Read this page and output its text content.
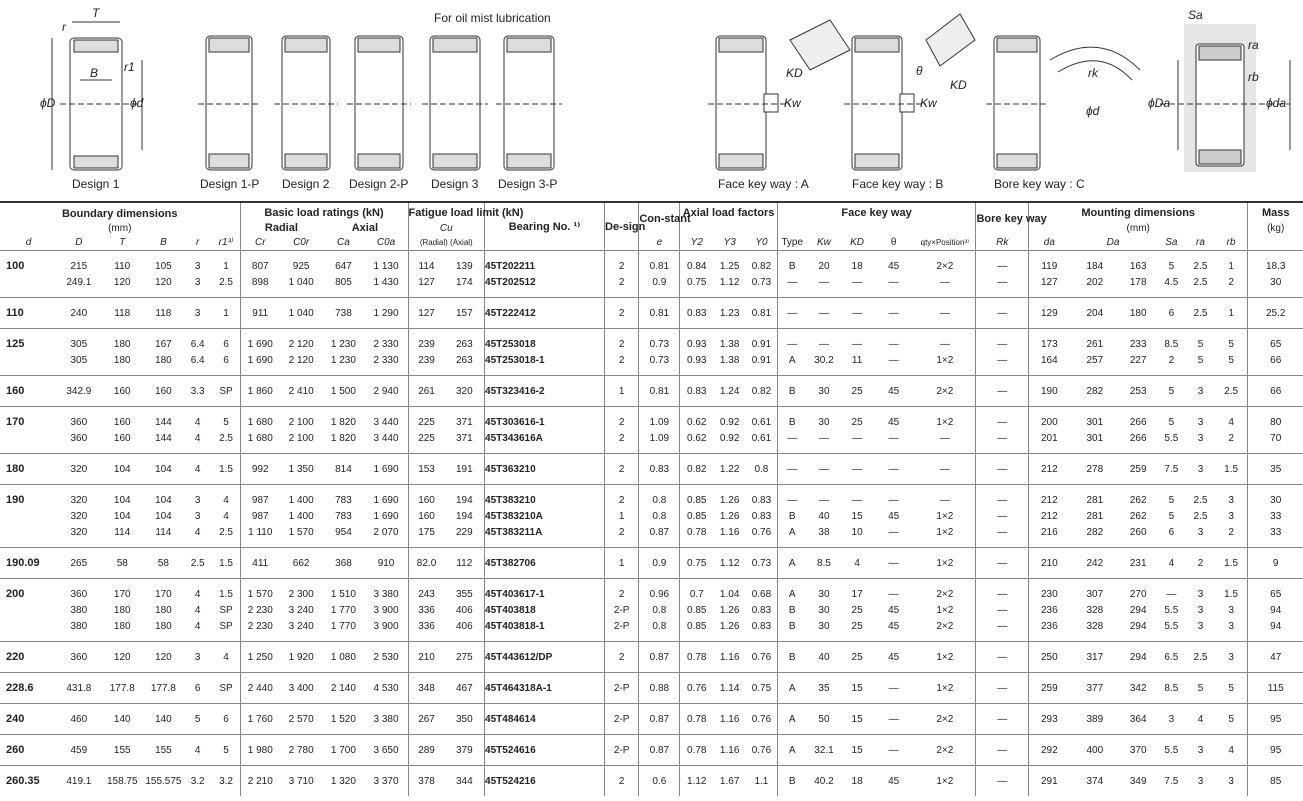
For oil mist lubrication
T
r
r1
B
ϕD	ϕd
KD
Kw
θ
KD
Kw
rk
ϕd
Sa
ra
rb
ϕDa	ϕda
Design 1	Design 1-P Design 2 Design 2-P Design 3 Design 3-P	Face key way : A	Face key way : B	Bore key way : C
Boundary dimensions						Basic load ratings (kN)				Fatigue load limit (kN)		Bearing No. ¹⁾	De-sign	Con-stant	Axial load factors			Face key way					Bore key way	Mounting dimensions						Mass
(mm)						Radial		Axial		Cu														(mm)						(kg)
d	D	T	B	r	r1³⁾	Cr	C0r	Ca	C0a	(Radial) (Axial)				e	Y2	Y3	Y0	Type	Kw	KD	θ	qty×Position³⁾	Rk	da	Da		Sa	ra	rb	
100	215	110	105	3	1	807	925	647	1 130	114	139	45T202211	2	0.81	0.84	1.25	0.82	B	20	18	45	2×2	—	119	184	163	5	2.5	1	18.3
	249.1	120	120	3	2.5	898	1 040	805	1 430	127	174	45T202512	2	0.9	0.75	1.12	0.73	—	—	—	—	—	—	127	202	178	4.5	2.5	2	30
110	240	118	118	3	1	911	1 040	738	1 290	127	157	45T222412	2	0.81	0.83	1.23	0.81	—	—	—	—	—	—	129	204	180	6	2.5	1	25.2
125	305	180	167	6.4	6	1 690	2 120	1 230	2 330	239	263	45T253018	2	0.73	0.93	1.38	0.91	—	—	—	—	—	—	173	261	233	8.5	5	5	65
	305	180	180	6.4	6	1 690	2 120	1 230	2 330	239	263	45T253018-1	2	0.73	0.93	1.38	0.91	A	30.2	11	—	1×2	—	164	257	227	2	5	5	66
160	342.9	160	160	3.3	SP	1 860	2 410	1 500	2 940	261	320	45T323416-2	1	0.81	0.83	1.24	0.82	B	30	25	45	2×2	—	190	282	253	5	3	2.5	66
170	360	160	144	4	5	1 680	2 100	1 820	3 440	225	371	45T303616-1	2	1.09	0.62	0.92	0.61	B	30	25	45	1×2	—	200	301	266	5	3	4	80
	360	160	144	4	2.5	1 680	2 100	1 820	3 440	225	371	45T343616A	2	1.09	0.62	0.92	0.61	—	—	—	—	—	—	201	301	266	5.5	3	2	70
180	320	104	104	4	1.5	992	1 350	814	1 690	153	191	45T363210	2	0.83	0.82	1.22	0.8	—	—	—	—	—	—	212	278	259	7.5	3	1.5	35
190	320	104	104	3	4	987	1 400	783	1 690	160	194	45T383210	2	0.8	0.85	1.26	0.83	—	—	—	—	—	—	212	281	262	5	2.5	3	30
	320	104	104	3	4	987	1 400	783	1 690	160	194	45T383210A	1	0.8	0.85	1.26	0.83	B	40	15	45	1×2	—	212	281	262	5	2.5	3	33
	320	114	114	4	2.5	1 110	1 570	954	2 070	175	229	45T383211A	2	0.87	0.78	1.16	0.76	A	38	10	—	1×2	—	216	282	260	6	3	2	33
190.09	265	58	58	2.5	1.5	411	662	368	910	82.0	112	45T382706	1	0.9	0.75	1.12	0.73	A	8.5	4	—	1×2	—	210	242	231	4	2	1.5	9
200	360	170	170	4	1.5	1 570	2 300	1 510	3 380	243	355	45T403617-1	2	0.96	0.7	1.04	0.68	A	30	17	—	2×2	—	230	307	270	—	3	1.5	65
	380	180	180	4	SP	2 230	3 240	1 770	3 900	336	406	45T403818	2-P	0.8	0.85	1.26	0.83	B	30	25	45	1×2	—	236	328	294	5.5	3	3	94
	380	180	180	4	SP	2 230	3 240	1 770	3 900	336	406	45T403818-1	2-P	0.8	0.85	1.26	0.83	B	30	25	45	2×2	—	236	328	294	5.5	3	3	94
220	360	120	120	3	4	1 250	1 920	1 080	2 530	210	275	45T443612/DP	2	0.87	0.78	1.16	0.76	B	40	25	45	1×2	—	250	317	294	6.5	2.5	3	47
228.6	431.8	177.8	177.8	6	SP	2 440	3 400	2 140	4 530	348	467	45T464318A-1	2-P	0.88	0.76	1.14	0.75	A	35	15	—	1×2	—	259	377	342	8.5	5	5	115
240	460	140	140	5	6	1 760	2 570	1 520	3 380	267	350	45T484614	2-P	0.87	0.78	1.16	0.76	A	50	15	—	2×2	—	293	389	364	3	4	5	95
260	459	155	155	4	5	1 980	2 780	1 700	3 650	289	379	45T524616	2-P	0.87	0.78	1.16	0.76	A	32.1	15	—	2×2	—	292	400	370	5.5	3	4	95
260.35	419.1	158.75	155.575	3.2	3.2	2 210	3 710	1 320	3 370	378	344	45T524216	2	0.6	1.12	1.67	1.1	B	40.2	18	45	1×2	—	291	374	349	7.5	3	3	85
